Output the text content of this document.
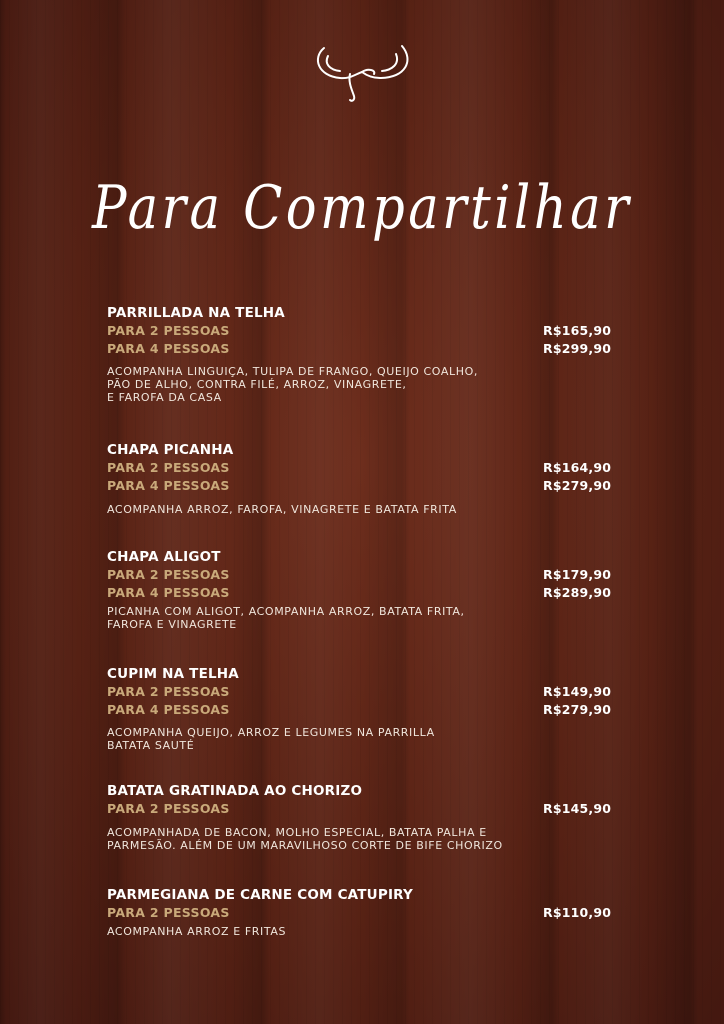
Para Compartilhar
PARRILLADA NA TELHA
PARA 2 PESSOAS	R$165,90
PARA 4 PESSOAS	R$299,90
ACOMPANHA LINGUIÇA, TULIPA DE FRANGO, QUEIJO COALHO,
PÃO DE ALHO, CONTRA FILÉ, ARROZ, VINAGRETE,
E FAROFA DA CASA
CHAPA PICANHA
PARA 2 PESSOAS	R$164,90
PARA 4 PESSOAS	R$279,90
ACOMPANHA ARROZ, FAROFA, VINAGRETE E BATATA FRITA
CHAPA ALIGOT
PARA 2 PESSOAS	R$179,90
PARA 4 PESSOAS	R$289,90
PICANHA COM ALIGOT, ACOMPANHA ARROZ, BATATA FRITA,
FAROFA E VINAGRETE
CUPIM NA TELHA
PARA 2 PESSOAS	R$149,90
PARA 4 PESSOAS	R$279,90
ACOMPANHA QUEIJO, ARROZ E LEGUMES NA PARRILLA
BATATA SAUTÉ
BATATA GRATINADA AO CHORIZO
PARA 2 PESSOAS	R$145,90
ACOMPANHADA DE BACON, MOLHO ESPECIAL, BATATA PALHA E
PARMESÃO. ALÉM DE UM MARAVILHOSO CORTE DE BIFE CHORIZO
PARMEGIANA DE CARNE COM CATUPIRY
PARA 2 PESSOAS	R$110,90
ACOMPANHA ARROZ E FRITAS
